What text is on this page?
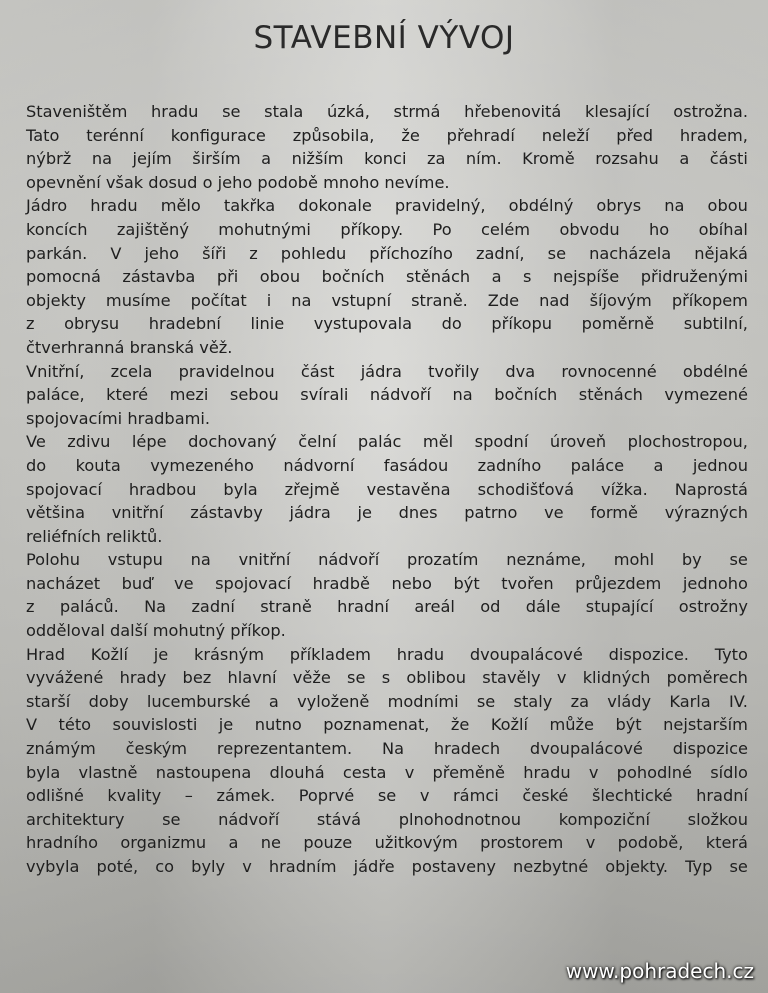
STAVEBNÍ VÝVOJ
Staveništěm hradu se stala úzká, strmá hřebenovitá klesající ostrožna.
Tato terénní konfigurace způsobila, že přehradí neleží před hradem,
nýbrž na jejím širším a nižším konci za ním. Kromě rozsahu a části
opevnění však dosud o jeho podobě mnoho nevíme.
Jádro hradu mělo takřka dokonale pravidelný, obdélný obrys na obou
koncích zajištěný mohutnými příkopy. Po celém obvodu ho obíhal
parkán. V jeho šíři z pohledu příchozího zadní, se nacházela nějaká
pomocná zástavba při obou bočních stěnách a s nejspíše přidruženými
objekty musíme počítat i na vstupní straně. Zde nad šíjovým příkopem
z obrysu hradební linie vystupovala do příkopu poměrně subtilní,
čtverhranná branská věž.
Vnitřní, zcela pravidelnou část jádra tvořily dva rovnocenné obdélné
paláce, které mezi sebou svírali nádvoří na bočních stěnách vymezené
spojovacími hradbami.
Ve zdivu lépe dochovaný čelní palác měl spodní úroveň plochostropou,
do kouta vymezeného nádvorní fasádou zadního paláce a jednou
spojovací hradbou byla zřejmě vestavěna schodišťová vížka. Naprostá
většina vnitřní zástavby jádra je dnes patrno ve formě výrazných
reliéfních reliktů.
Polohu vstupu na vnitřní nádvoří prozatím neznáme, mohl by se
nacházet buď ve spojovací hradbě nebo být tvořen průjezdem jednoho
z paláců. Na zadní straně hradní areál od dále stupající ostrožny
odděloval další mohutný příkop.
Hrad Kožlí je krásným příkladem hradu dvoupalácové dispozice. Tyto
vyvážené hrady bez hlavní věže se s oblibou stavěly v klidných poměrech
starší doby lucemburské a vyloženě modními se staly za vlády Karla IV.
V této souvislosti je nutno poznamenat, že Kožlí může být nejstarším
známým českým reprezentantem. Na hradech dvoupalácové dispozice
byla vlastně nastoupena dlouhá cesta v přeměně hradu v pohodlné sídlo
odlišné kvality – zámek. Poprvé se v rámci české šlechtické hradní
architektury se nádvoří stává plnohodnotnou kompoziční složkou
hradního organizmu a ne pouze užitkovým prostorem v podobě, která
vybyla poté, co byly v hradním jádře postaveny nezbytné objekty. Typ se
www.pohradech.cz
